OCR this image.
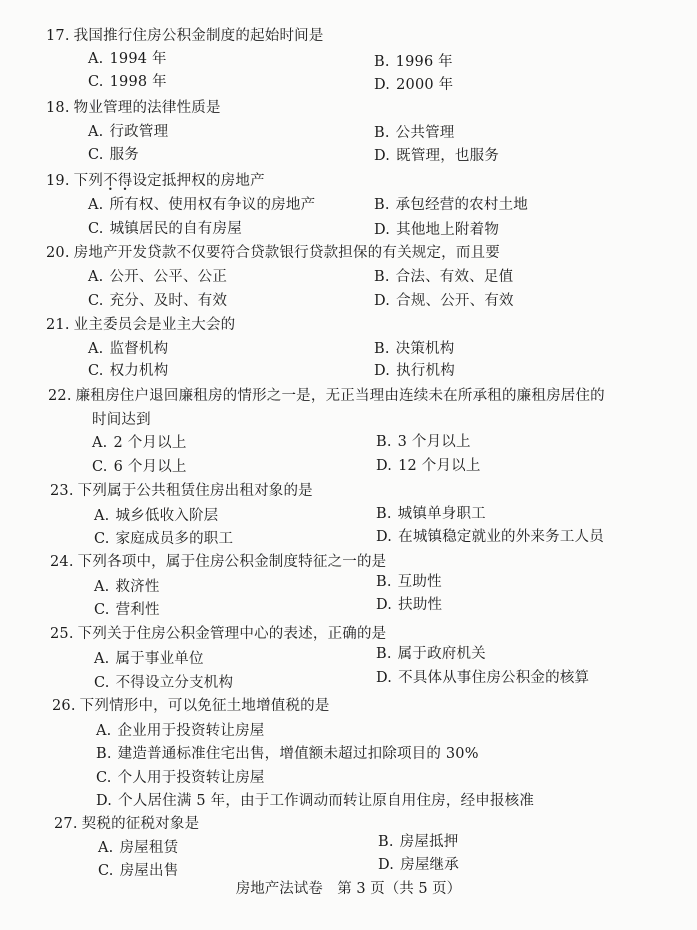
17. 我国推行住房公积金制度的起始时间是
A. 1994 年	B. 1996 年
C. 1998 年	D. 2000 年
18. 物业管理的法律性质是
A. 行政管理	B. 公共管理
C. 服务	D. 既管理，也服务
19. 下列不得设定抵押权的房地产
A. 所有权、使用权有争议的房地产	B. 承包经营的农村土地
C. 城镇居民的自有房屋	D. 其他地上附着物
20. 房地产开发贷款不仅要符合贷款银行贷款担保的有关规定，而且要
A. 公开、公平、公正	B. 合法、有效、足值
C. 充分、及时、有效	D. 合规、公开、有效
21. 业主委员会是业主大会的
A. 监督机构	B. 决策机构
C. 权力机构	D. 执行机构
22. 廉租房住户退回廉租房的情形之一是，无正当理由连续未在所承租的廉租房居住的
时间达到
A. 2 个月以上	B. 3 个月以上
C. 6 个月以上	D. 12 个月以上
23. 下列属于公共租赁住房出租对象的是
A. 城乡低收入阶层	B. 城镇单身职工
C. 家庭成员多的职工	D. 在城镇稳定就业的外来务工人员
24. 下列各项中，属于住房公积金制度特征之一的是
A. 救济性	B. 互助性
C. 营利性	D. 扶助性
25. 下列关于住房公积金管理中心的表述，正确的是
A. 属于事业单位	B. 属于政府机关
C. 不得设立分支机构	D. 不具体从事住房公积金的核算
26. 下列情形中，可以免征土地增值税的是
A. 企业用于投资转让房屋
B. 建造普通标准住宅出售，增值额未超过扣除项目的 30%
C. 个人用于投资转让房屋
D. 个人居住满 5 年，由于工作调动而转让原自用住房，经申报核准
27. 契税的征税对象是
A. 房屋租赁	B. 房屋抵押
C. 房屋出售	D. 房屋继承
房地产法试卷　第 3 页（共 5 页）
